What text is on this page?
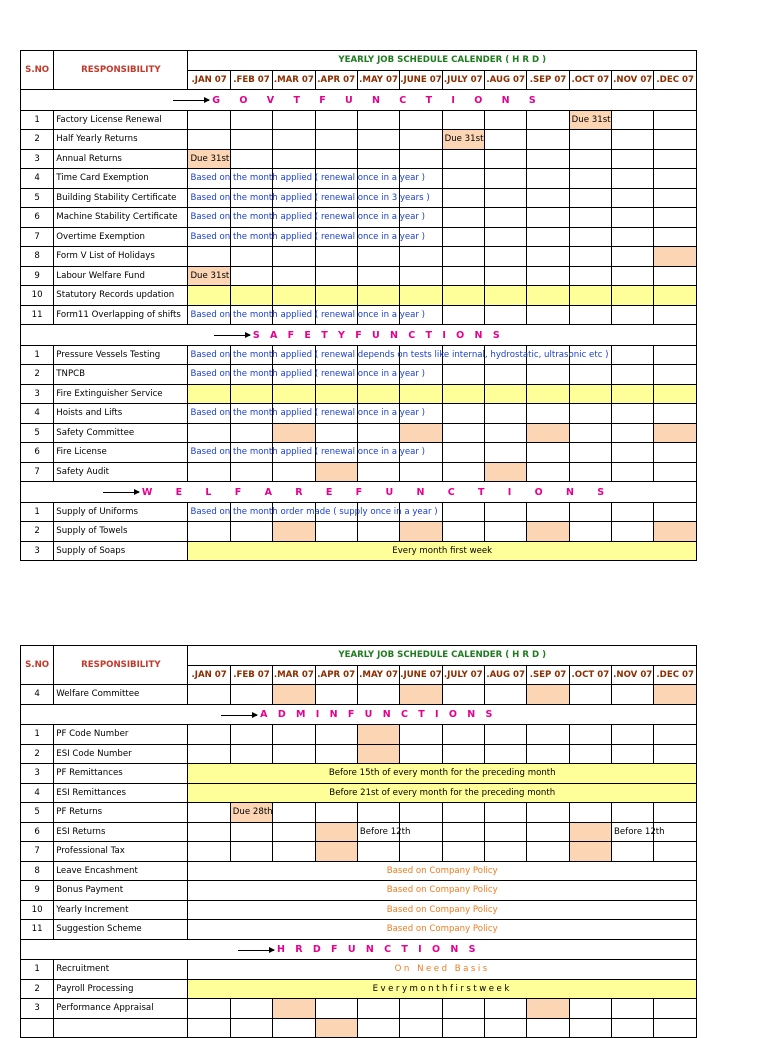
S.NO	RESPONSIBILITY	YEARLY JOB SCHEDULE CALENDER ( H R D )											
		.JAN 07	.FEB 07	.MAR 07	.APR 07	.MAY 07	.JUNE 07	.JULY 07	.AUG 07	.SEP 07	.OCT 07	.NOV 07	.DEC 07

G O V T F U N C T I O N S													

1	Factory License Renewal										Due 31st		
2	Half Yearly Returns							Due 31st					
3	Annual Returns	Due 31st											
4	Time Card Exemption	Based on the month applied ( renewal once in a year )											

5	Building Stability Certificate	Based on the month applied ( renewal once in 3 years )											

6	Machine Stability Certificate	Based on the month applied ( renewal once in a year )											

7	Overtime Exemption	Based on the month applied ( renewal once in a year )											

8	Form V List of Holidays												
9	Labour Welfare Fund	Due 31st											
10	Statutory Records updation												
11	Form11 Overlapping of shifts	Based on the month applied ( renewal once in a year )											

S A F E T Y F U N C T I O N S													

1	Pressure Vessels Testing	Based on the month applied ( renewal depends on tests like internal, hydrostatic, ultrasonic etc )											

2	TNPCB	Based on the month applied ( renewal once in a year )											

3	Fire Extinguisher Service												
4	Hoists and Lifts	Based on the month applied ( renewal once in a year )											

5	Safety Committee												
6	Fire License	Based on the month applied ( renewal once in a year )											

7	Safety Audit												

W E L F A R E F U N C T I O N S													

1	Supply of Uniforms	Based on the month order made ( supply once in a year )											

2	Supply of Towels												
3	Supply of Soaps	Every month first week											
S.NO	RESPONSIBILITY	YEARLY JOB SCHEDULE CALENDER ( H R D )											
		.JAN 07	.FEB 07	.MAR 07	.APR 07	.MAY 07	.JUNE 07	.JULY 07	.AUG 07	.SEP 07	.OCT 07	.NOV 07	.DEC 07
4	Welfare Committee												

A D M I N F U N C T I O N S													

1	PF Code Number												
2	ESI Code Number												
3	PF Remittances	Before 15th of every month for the preceding month											
4	ESI Remittances	Before 21st of every month for the preceding month											
5	PF Returns		Due 28th										
6	ESI Returns					Before 12th						Before 12th	
7	Professional Tax												
8	Leave Encashment	Based on Company Policy											
9	Bonus Payment	Based on Company Policy											
10	Yearly Increment	Based on Company Policy											
11	Suggestion Scheme	Based on Company Policy											

H R D F U N C T I O N S													

1	Recruitment	On Need Basis											
2	Payroll Processing	Everymonthfirstweek											
3	Performance Appraisal												
